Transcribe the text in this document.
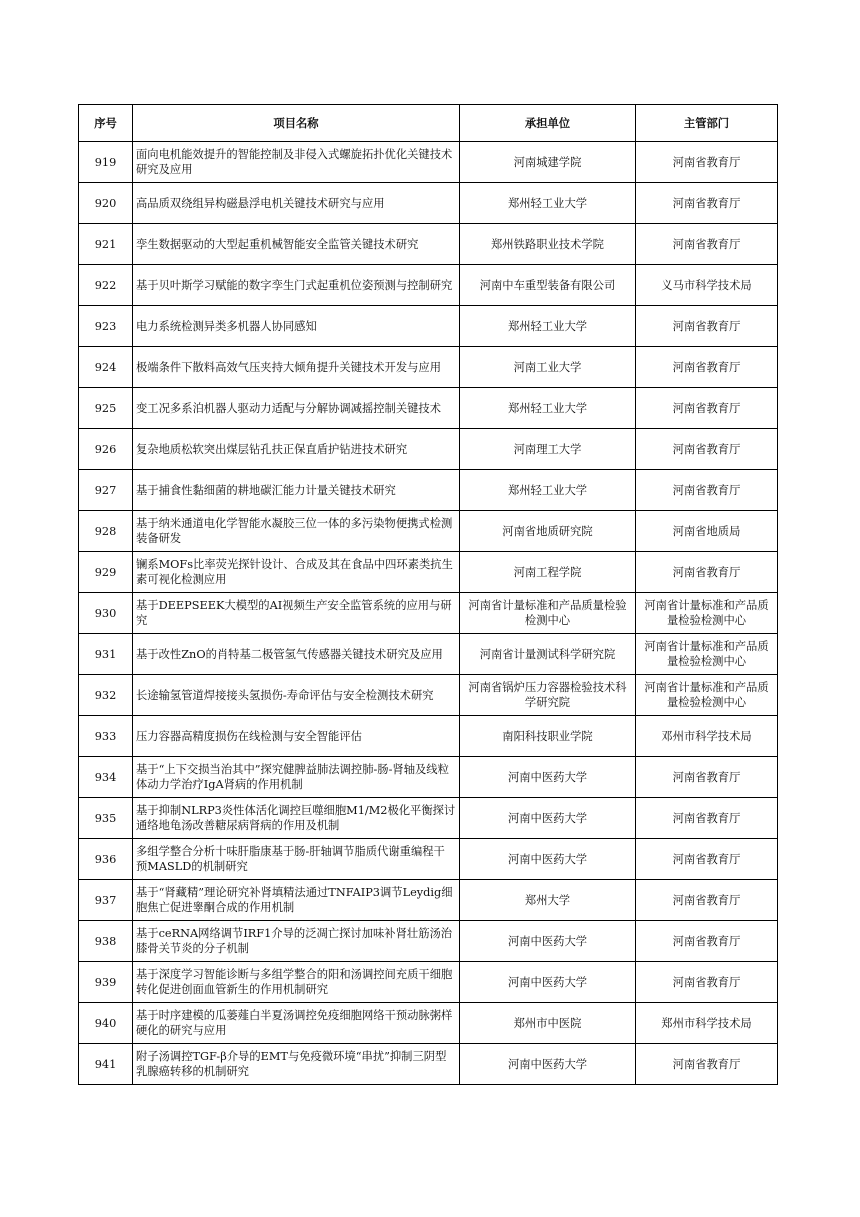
序号	项目名称	承担单位	主管部门

919	面向电机能效提升的智能控制及非侵入式螺旋拓扑优化关键技术研究及应用	河南城建学院	河南省教育厅

920	高品质双绕组异构磁悬浮电机关键技术研究与应用	郑州轻工业大学	河南省教育厅

921	孪生数据驱动的大型起重机械智能安全监管关键技术研究	郑州铁路职业技术学院	河南省教育厅

922	基于贝叶斯学习赋能的数字孪生门式起重机位姿预测与控制研究	河南中车重型装备有限公司	义马市科学技术局

923	电力系统检测异类多机器人协同感知	郑州轻工业大学	河南省教育厅

924	极端条件下散料高效气压夹持大倾角提升关键技术开发与应用	河南工业大学	河南省教育厅

925	变工况多系泊机器人驱动力适配与分解协调减摇控制关键技术	郑州轻工业大学	河南省教育厅

926	复杂地质松软突出煤层钻孔扶正保直盾护钻进技术研究	河南理工大学	河南省教育厅

927	基于捕食性黏细菌的耕地碳汇能力计量关键技术研究	郑州轻工业大学	河南省教育厅

928	基于纳米通道电化学智能水凝胶三位一体的多污染物便携式检测装备研发	河南省地质研究院	河南省地质局

929	镧系MOFs比率荧光探针设计、合成及其在食品中四环素类抗生素可视化检测应用	河南工程学院	河南省教育厅

930	基于DEEPSEEK大模型的AI视频生产安全监管系统的应用与研究	河南省计量标准和产品质量检验检测中心	河南省计量标准和产品质量检验检测中心

931	基于改性ZnO的肖特基二极管氢气传感器关键技术研究及应用	河南省计量测试科学研究院	河南省计量标准和产品质量检验检测中心

932	长途输氢管道焊接接头氢损伤-寿命评估与安全检测技术研究	河南省锅炉压力容器检验技术科学研究院	河南省计量标准和产品质量检验检测中心

933	压力容器高精度损伤在线检测与安全智能评估	南阳科技职业学院	邓州市科学技术局

934	基于“上下交损当治其中”探究健脾益肺法调控肺-肠-肾轴及线粒体动力学治疗IgA肾病的作用机制	河南中医药大学	河南省教育厅

935	基于抑制NLRP3炎性体活化调控巨噬细胞M1/M2极化平衡探讨通络地龟汤改善糖尿病肾病的作用及机制	河南中医药大学	河南省教育厅

936	多组学整合分析十味肝脂康基于肠-肝轴调节脂质代谢重编程干预MASLD的机制研究	河南中医药大学	河南省教育厅

937	基于“肾藏精”理论研究补肾填精法通过TNFAIP3调节Leydig细胞焦亡促进睾酮合成的作用机制	郑州大学	河南省教育厅

938	基于ceRNA网络调节IRF1介导的泛凋亡探讨加味补肾壮筋汤治膝骨关节炎的分子机制	河南中医药大学	河南省教育厅

939	基于深度学习智能诊断与多组学整合的阳和汤调控间充质干细胞转化促进创面血管新生的作用机制研究	河南中医药大学	河南省教育厅

940	基于时序建模的瓜蒌薤白半夏汤调控免疫细胞网络干预动脉粥样硬化的研究与应用	郑州市中医院	郑州市科学技术局

941	附子汤调控TGF-β介导的EMT与免疫微环境“串扰”抑制三阴型乳腺癌转移的机制研究	河南中医药大学	河南省教育厅
